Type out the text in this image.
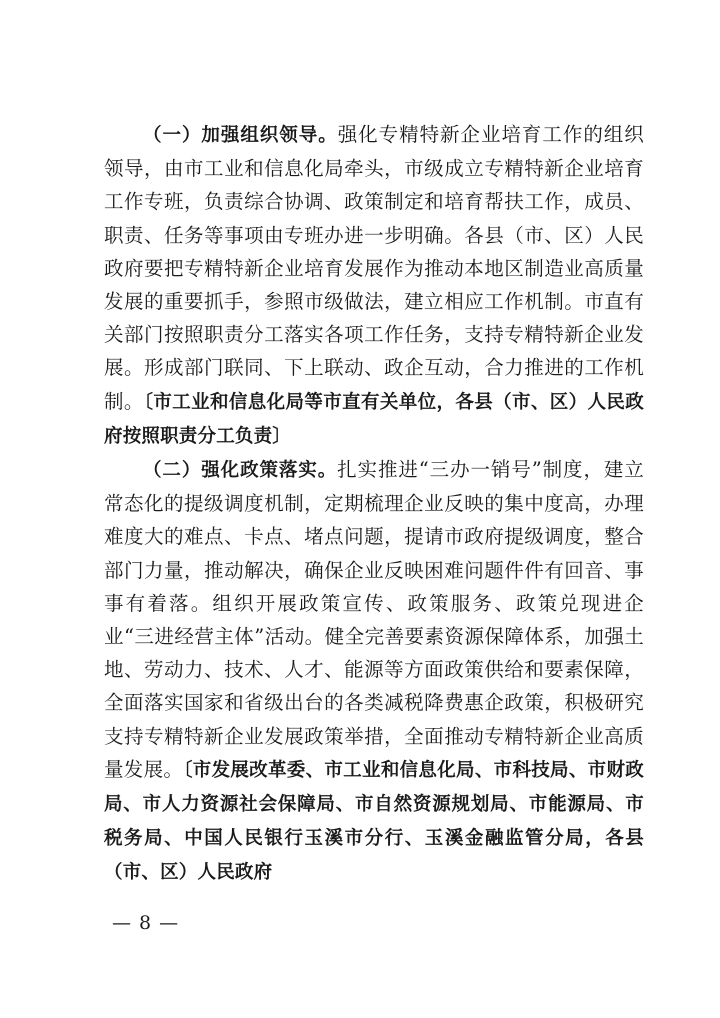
（一）加强组织领导。强化专精特新企业培育工作的组织领导，由市工业和信息化局牵头，市级成立专精特新企业培育工作专班，负责综合协调、政策制定和培育帮扶工作，成员、职责、任务等事项由专班办进一步明确。各县（市、区）人民政府要把专精特新企业培育发展作为推动本地区制造业高质量发展的重要抓手，参照市级做法，建立相应工作机制。市直有关部门按照职责分工落实各项工作任务，支持专精特新企业发展。形成部门联同、下上联动、政企互动，合力推进的工作机制。〔市工业和信息化局等市直有关单位，各县（市、区）人民政府按照职责分工负责〕

（二）强化政策落实。扎实推进“三办一销号”制度，建立常态化的提级调度机制，定期梳理企业反映的集中度高，办理难度大的难点、卡点、堵点问题，提请市政府提级调度，整合部门力量，推动解决，确保企业反映困难问题件件有回音、事事有着落。组织开展政策宣传、政策服务、政策兑现进企业“三进经营主体”活动。健全完善要素资源保障体系，加强土地、劳动力、技术、人才、能源等方面政策供给和要素保障，全面落实国家和省级出台的各类减税降费惠企政策，积极研究支持专精特新企业发展政策举措，全面推动专精特新企业高质量发展。〔市发展改革委、市工业和信息化局、市科技局、市财政局、市人力资源社会保障局、市自然资源规划局、市能源局、市税务局、中国人民银行玉溪市分行、玉溪金融监管分局，各县（市、区）人民政府

— 8 —
